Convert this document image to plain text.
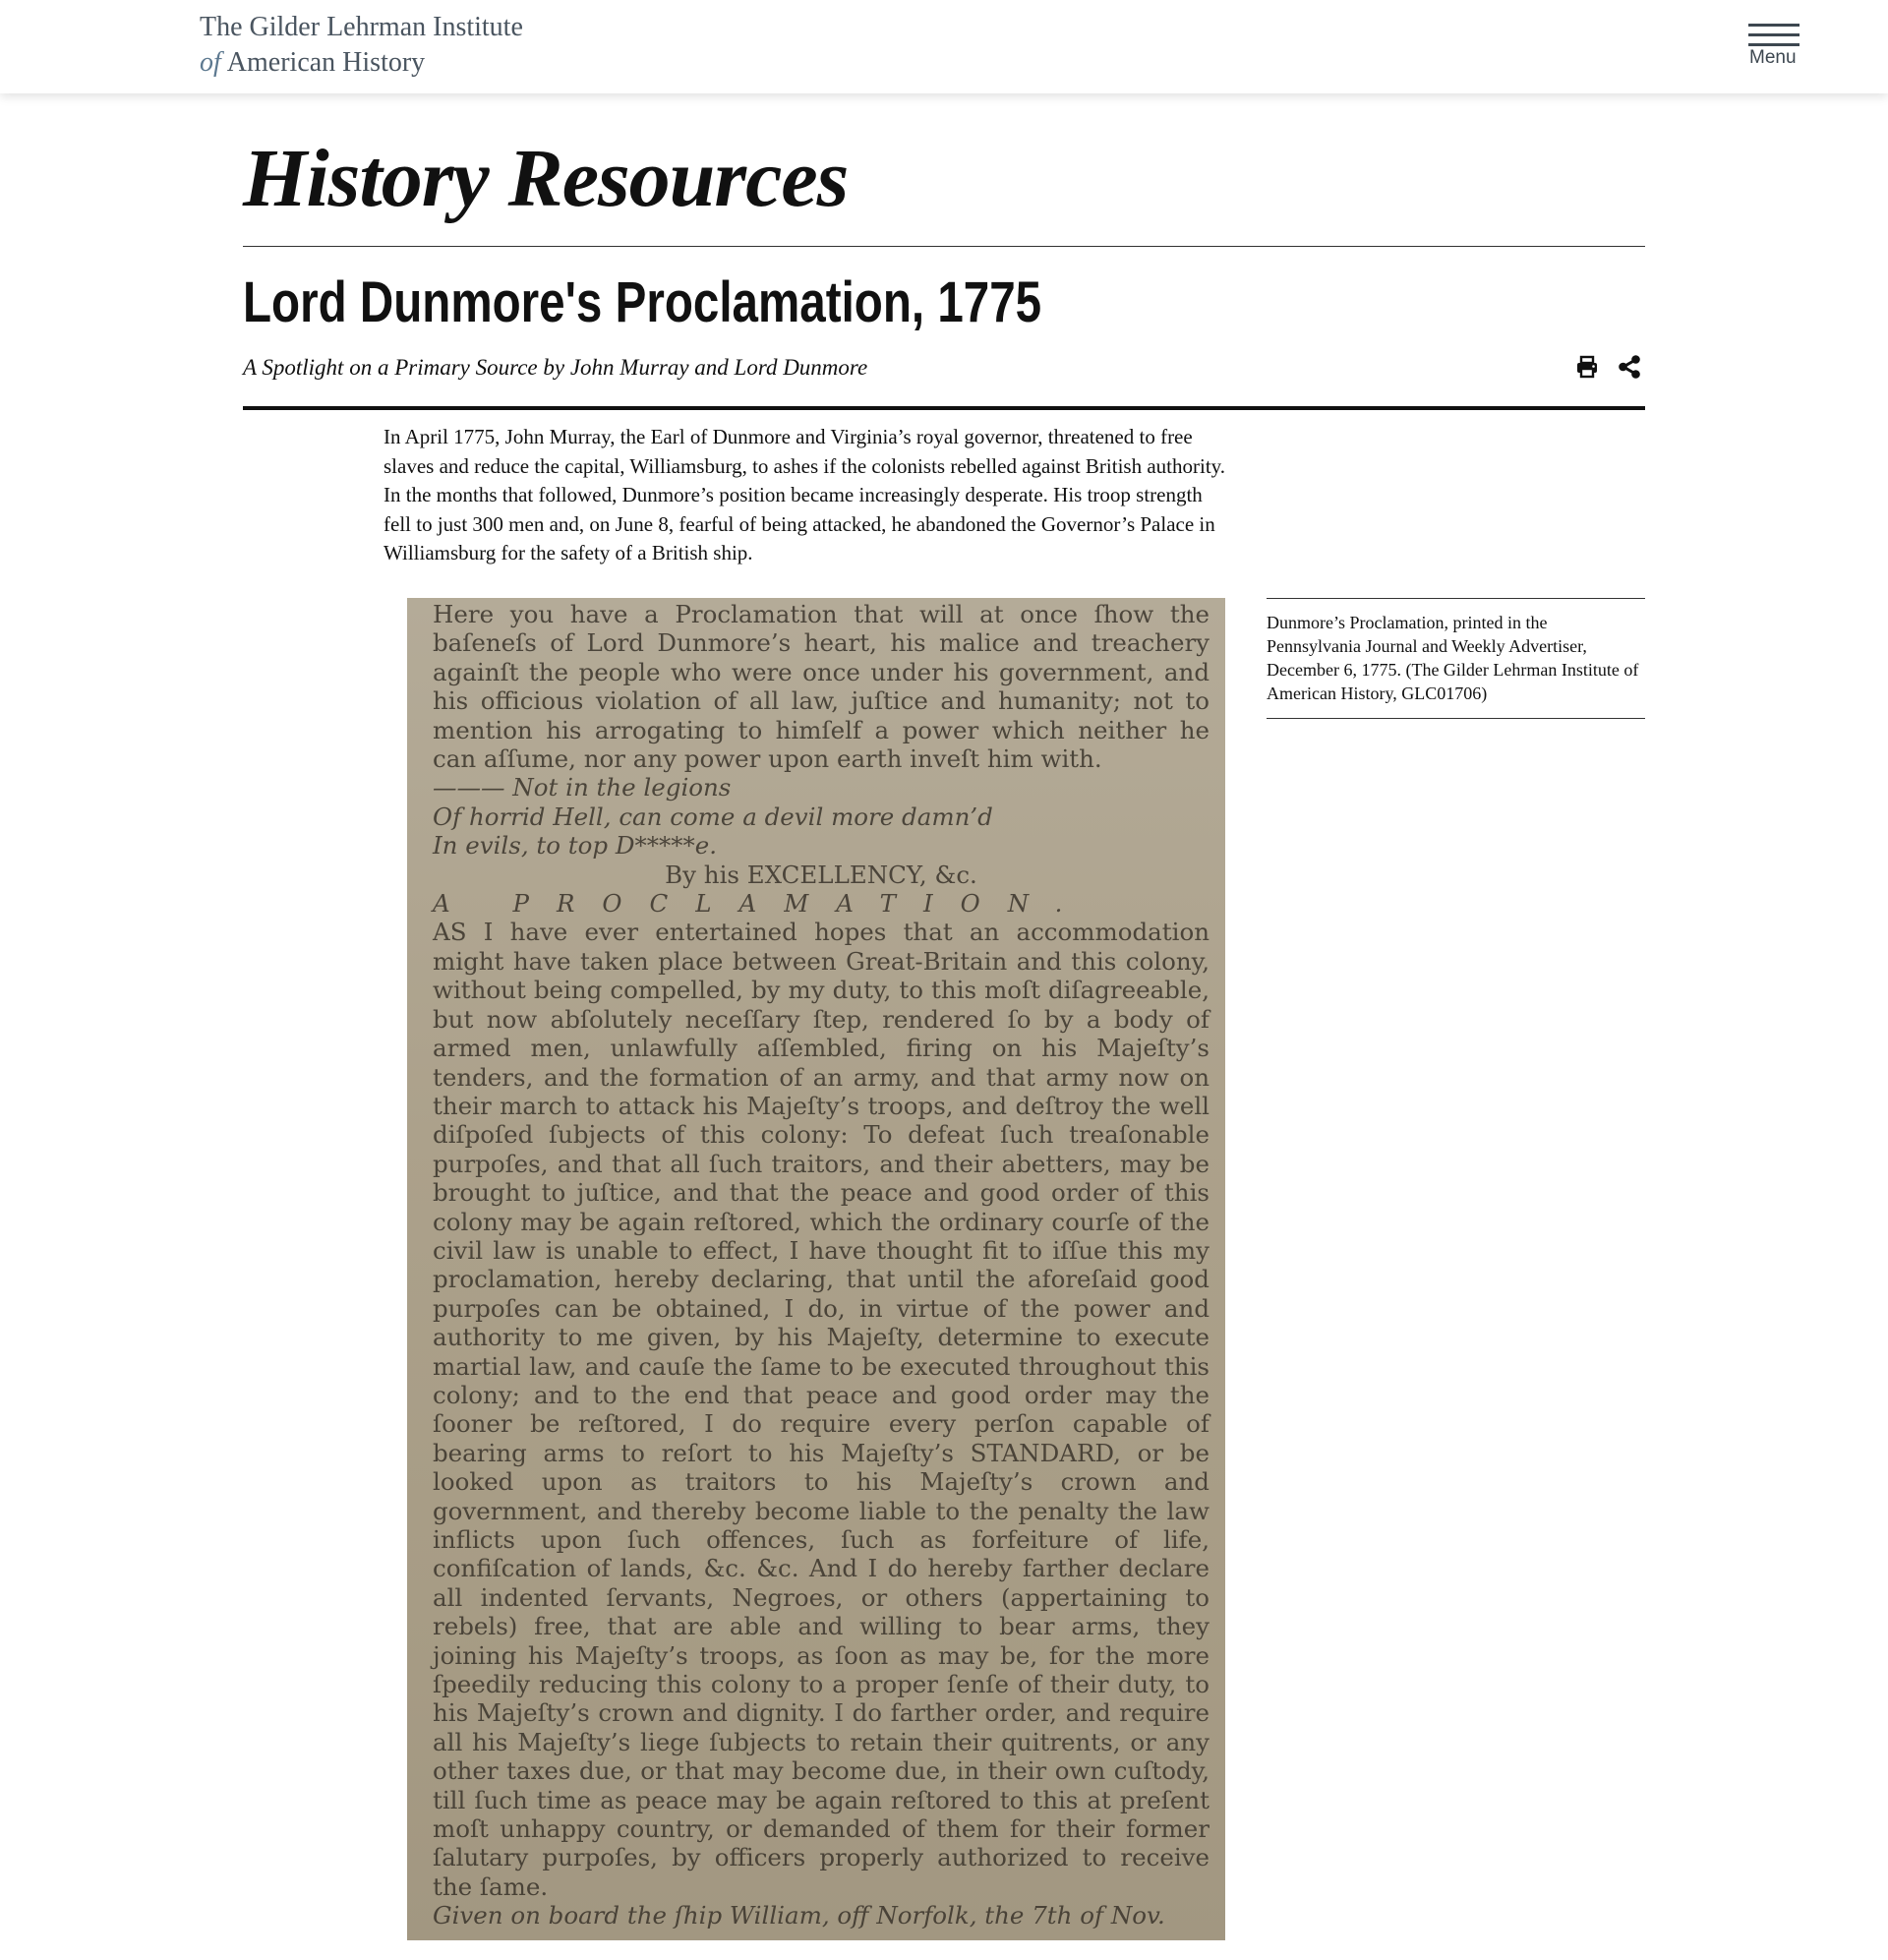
The Gilder Lehrman Institute
of American History	Menu
History Resources
Lord Dunmore's Proclamation, 1775
A Spotlight on a Primary Source by John Murray and Lord Dunmore

In April 1775, John Murray, the Earl of Dunmore and Virginia’s royal governor, threatened to free slaves and reduce the capital, Williamsburg, to ashes if the colonists rebelled against British authority. In the months that followed, Dunmore’s position became increasingly desperate. His troop strength fell to just 300 men and, on June 8, fearful of being attacked, he abandoned the Governor’s Palace in Williamsburg for the safety of a British ship.

Here you have a Proclamation that will at once ſhow the baſeneſs of Lord Dunmore’s heart, his malice and treachery againſt the people who were once under his government, and his officious violation of all law, juſtice and humanity; not to mention his arrogating to himſelf a power which neither he can aſſume, nor any power upon earth inveſt him with.

——— Not in the legions

Of horrid Hell, can come a devil more damn’d

In evils, to top D*****e.

By his EXCELLENCY, &c.

A PROCLAMATION.

AS I have ever entertained hopes that an accommodation might have taken place between Great-Britain and this colony, without being compelled, by my duty, to this moſt diſagreeable, but now abſolutely neceſſary ſtep, rendered ſo by a body of armed men, unlawfully aſſembled, firing on his Majeſty’s tenders, and the formation of an army, and that army now on their march to attack his Majeſty’s troops, and deſtroy the well diſpoſed ſubjects of this colony: To defeat ſuch treaſonable purpoſes, and that all ſuch traitors, and their abetters, may be brought to juſtice, and that the peace and good order of this colony may be again reſtored, which the ordinary courſe of the civil law is unable to effect, I have thought fit to iſſue this my proclamation, hereby declaring, that until the aforeſaid good purpoſes can be obtained, I do, in virtue of the power and authority to me given, by his Majeſty, determine to execute martial law, and cauſe the ſame to be executed throughout this colony; and to the end that peace and good order may the ſooner be reſtored, I do require every perſon capable of bearing arms to reſort to his Majeſty’s STANDARD, or be looked upon as traitors to his Majeſty’s crown and government, and thereby become liable to the penalty the law inflicts upon ſuch offences, ſuch as forfeiture of life, confiſcation of lands, &c. &c. And I do hereby farther declare all indented ſervants, Negroes, or others (appertaining to rebels) free, that are able and willing to bear arms, they joining his Majeſty’s troops, as ſoon as may be, for the more ſpeedily reducing this colony to a proper ſenſe of their duty, to his Majeſty’s crown and dignity. I do farther order, and require all his Majeſty’s liege ſubjects to retain their quitrents, or any other taxes due, or that may become due, in their own cuſtody, till ſuch time as peace may be again reſtored to this at preſent moſt unhappy country, or demanded of them for their former ſalutary purpoſes, by officers properly authorized to receive the ſame.

Given on board the ſhip William, off Norfolk, the 7th of Nov.

Dunmore’s Proclamation, printed in the Pennsylvania Journal and Weekly Advertiser, December 6, 1775. (The Gilder Lehrman Institute of American History, GLC01706)
